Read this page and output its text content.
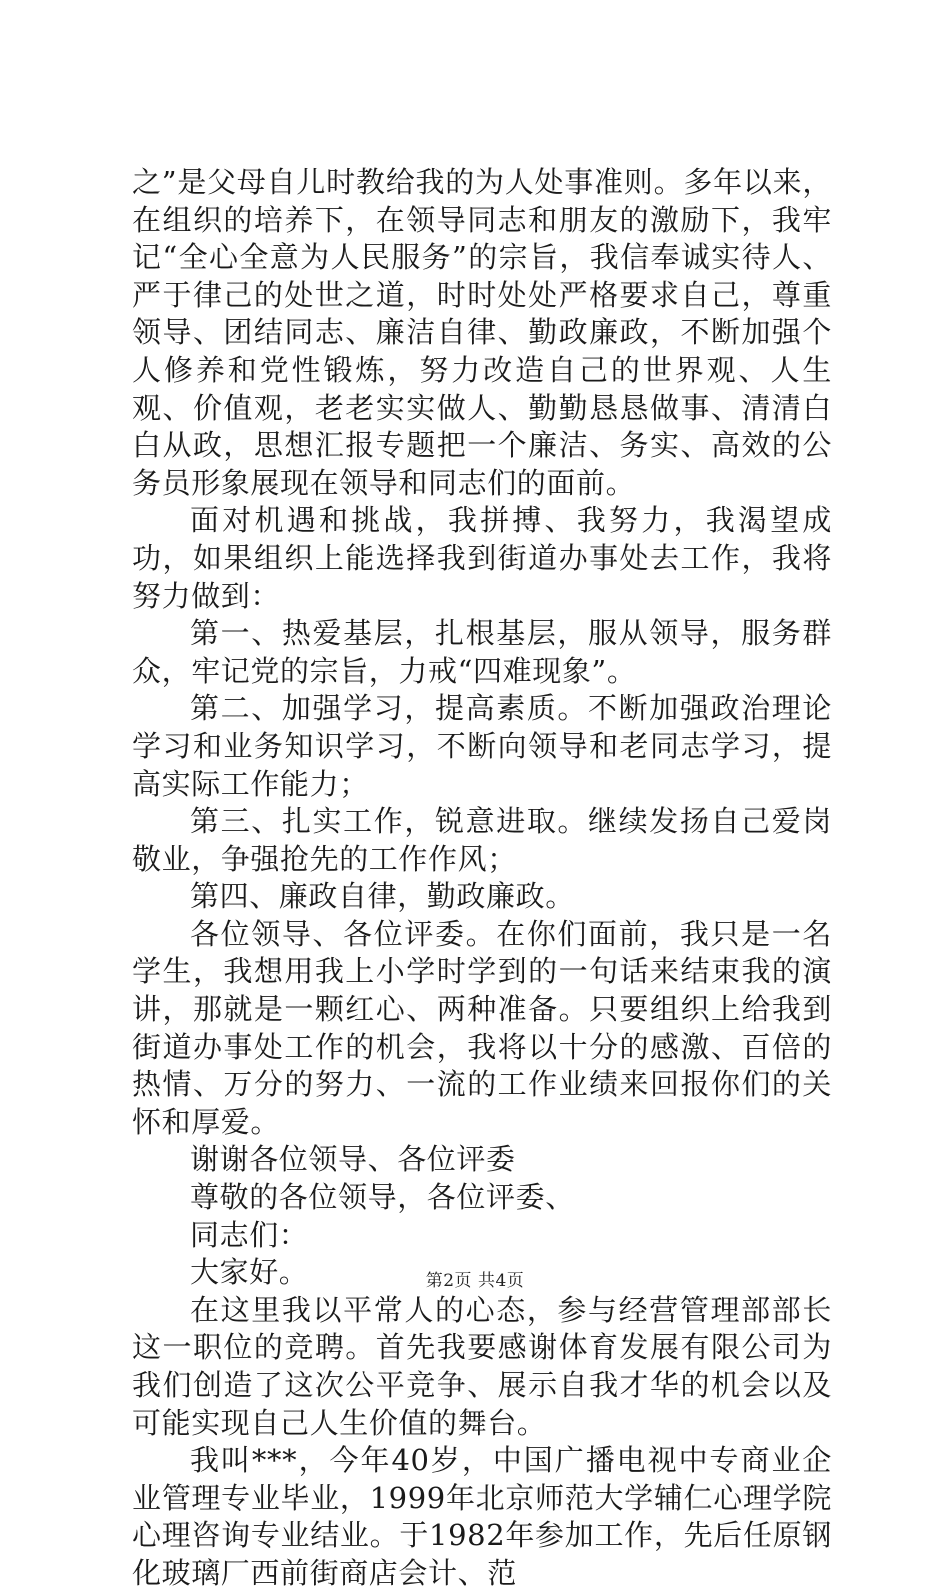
之”是父母自儿时教给我的为人处事准则。多年以来，在组织的培养下，在领导同志和朋友的激励下，我牢记“全心全意为人民服务”的宗旨，我信奉诚实待人、严于律己的处世之道，时时处处严格要求自己，尊重领导、团结同志、廉洁自律、勤政廉政，不断加强个人修养和党性锻炼，努力改造自己的世界观、人生观、价值观，老老实实做人、勤勤恳恳做事、清清白白从政，思想汇报专题把一个廉洁、务实、高效的公务员形象展现在领导和同志们的面前。

面对机遇和挑战，我拼搏、我努力，我渴望成功，如果组织上能选择我到街道办事处去工作，我将努力做到：

第一、热爱基层，扎根基层，服从领导，服务群众，牢记党的宗旨，力戒“四难现象”。

第二、加强学习，提高素质。不断加强政治理论学习和业务知识学习，不断向领导和老同志学习，提高实际工作能力；

第三、扎实工作，锐意进取。继续发扬自己爱岗敬业，争强抢先的工作作风；

第四、廉政自律，勤政廉政。

各位领导、各位评委。在你们面前，我只是一名学生，我想用我上小学时学到的一句话来结束我的演讲，那就是一颗红心、两种准备。只要组织上给我到街道办事处工作的机会，我将以十分的感激、百倍的热情、万分的努力、一流的工作业绩来回报你们的关怀和厚爱。

谢谢各位领导、各位评委

尊敬的各位领导，各位评委、

同志们：

大家好。

在这里我以平常人的心态，参与经营管理部部长这一职位的竞聘。首先我要感谢体育发展有限公司为我们创造了这次公平竞争、展示自我才华的机会以及可能实现自己人生价值的舞台。

我叫***，今年40岁，中国广播电视中专商业企业管理专业毕业，1999年北京师范大学辅仁心理学院心理咨询专业结业。于1982年参加工作，先后任原钢化玻璃厂西前街商店会计、范

第2页 共4页
